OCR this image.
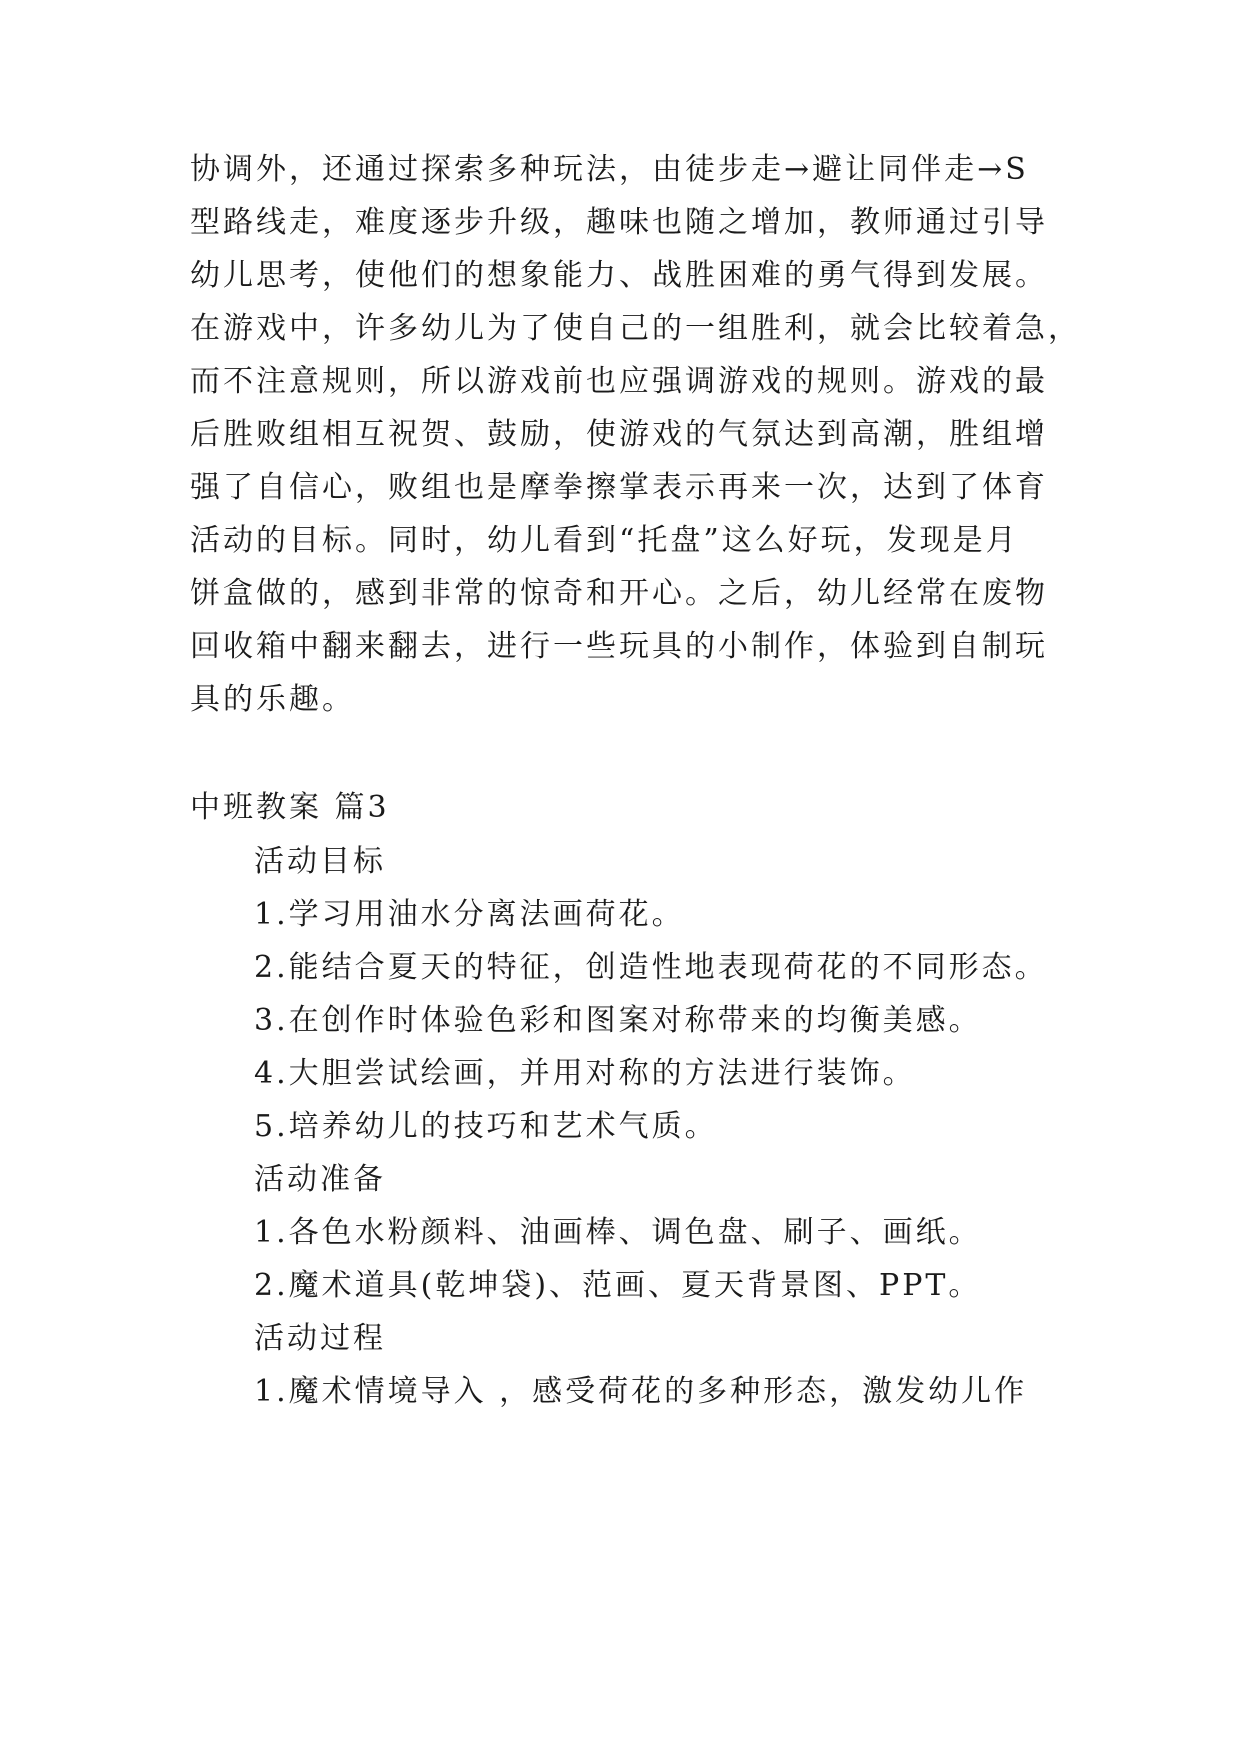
协调外，还通过探索多种玩法，由徒步走→避让同伴走→S
型路线走，难度逐步升级，趣味也随之增加，教师通过引导
幼儿思考，使他们的想象能力、战胜困难的勇气得到发展。
在游戏中，许多幼儿为了使自己的一组胜利，就会比较着急，
而不注意规则，所以游戏前也应强调游戏的规则。游戏的最
后胜败组相互祝贺、鼓励，使游戏的气氛达到高潮，胜组增
强了自信心，败组也是摩拳擦掌表示再来一次，达到了体育
活动的目标。同时，幼儿看到“托盘”这么好玩，发现是月
饼盒做的，感到非常的惊奇和开心。之后，幼儿经常在废物
回收箱中翻来翻去，进行一些玩具的小制作，体验到自制玩
具的乐趣。
中班教案 篇3
活动目标
1.学习用油水分离法画荷花。
2.能结合夏天的特征，创造性地表现荷花的不同形态。
3.在创作时体验色彩和图案对称带来的均衡美感。
4.大胆尝试绘画，并用对称的方法进行装饰。
5.培养幼儿的技巧和艺术气质。
活动准备
1.各色水粉颜料、油画棒、调色盘、刷子、画纸。
2.魔术道具(乾坤袋)、范画、夏天背景图、PPT。
活动过程
1.魔术情境导入 ，感受荷花的多种形态，激发幼儿作
